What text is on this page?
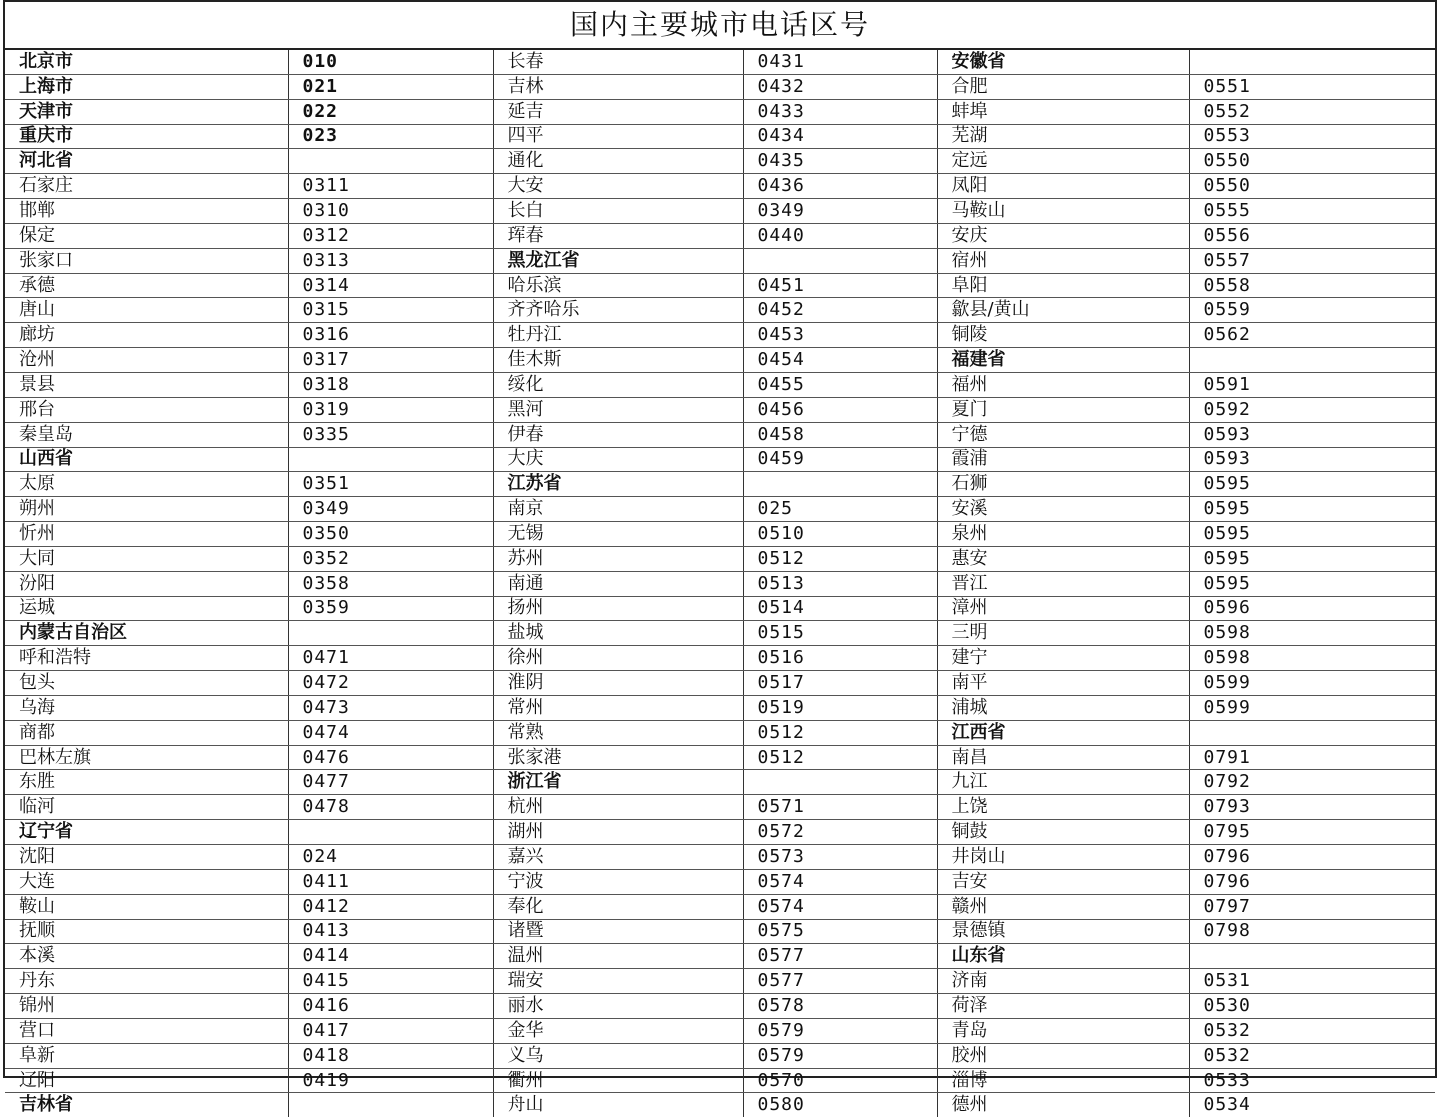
国内主要城市电话区号
北京市	010	长春	0431	安徽省	
上海市	021	吉林	0432	合肥	0551
天津市	022	延吉	0433	蚌埠	0552
重庆市	023	四平	0434	芜湖	0553
河北省		通化	0435	定远	0550
石家庄	0311	大安	0436	凤阳	0550
邯郸	0310	长白	0349	马鞍山	0555
保定	0312	珲春	0440	安庆	0556
张家口	0313	黑龙江省		宿州	0557
承德	0314	哈乐滨	0451	阜阳	0558
唐山	0315	齐齐哈乐	0452	歙县/黄山	0559
廊坊	0316	牡丹江	0453	铜陵	0562
沧州	0317	佳木斯	0454	福建省	
景县	0318	绥化	0455	福州	0591
邢台	0319	黑河	0456	夏门	0592
秦皇岛	0335	伊春	0458	宁德	0593
山西省		大庆	0459	霞浦	0593
太原	0351	江苏省		石狮	0595
朔州	0349	南京	025	安溪	0595
忻州	0350	无锡	0510	泉州	0595
大同	0352	苏州	0512	惠安	0595
汾阳	0358	南通	0513	晋江	0595
运城	0359	扬州	0514	漳州	0596
内蒙古自治区		盐城	0515	三明	0598
呼和浩特	0471	徐州	0516	建宁	0598
包头	0472	淮阴	0517	南平	0599
乌海	0473	常州	0519	浦城	0599
商都	0474	常熟	0512	江西省	
巴林左旗	0476	张家港	0512	南昌	0791
东胜	0477	浙江省		九江	0792
临河	0478	杭州	0571	上饶	0793
辽宁省		湖州	0572	铜鼓	0795
沈阳	024	嘉兴	0573	井岗山	0796
大连	0411	宁波	0574	吉安	0796
鞍山	0412	奉化	0574	赣州	0797
抚顺	0413	诸暨	0575	景德镇	0798
本溪	0414	温州	0577	山东省	
丹东	0415	瑞安	0577	济南	0531
锦州	0416	丽水	0578	荷泽	0530
营口	0417	金华	0579	青岛	0532
阜新	0418	义乌	0579	胶州	0532
辽阳	0419	衢州	0570	淄博	0533
吉林省		舟山	0580	德州	0534
